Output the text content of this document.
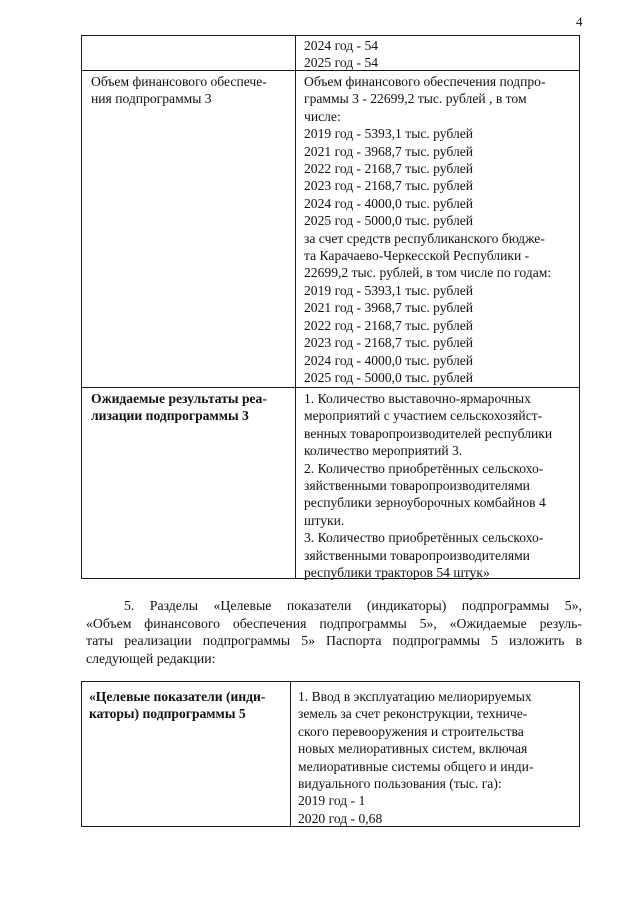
4
2024 год - 54
2025 год - 54
Объем финансового обеспече-
ния подпрограммы 3
Объем финансового обеспечения подпро-
граммы 3 - 22699,2 тыс. рублей , в том
числе:
2019 год - 5393,1 тыс. рублей
2021 год - 3968,7 тыс. рублей
2022 год - 2168,7 тыс. рублей
2023 год - 2168,7 тыс. рублей
2024 год - 4000,0 тыс. рублей
2025 год - 5000,0 тыс. рублей
за счет средств республиканского бюдже-
та Карачаево-Черкесской Республики -
22699,2 тыс. рублей, в том числе по годам:
2019 год - 5393,1 тыс. рублей
2021 год - 3968,7 тыс. рублей
2022 год - 2168,7 тыс. рублей
2023 год - 2168,7 тыс. рублей
2024 год - 4000,0 тыс. рублей
2025 год - 5000,0 тыс. рублей
Ожидаемые результаты реа-
лизации подпрограммы 3
1. Количество выставочно-ярмарочных
мероприятий с участием сельскохозяйст-
венных товаропроизводителей республики
количество мероприятий 3.
2. Количество приобретённых сельскохо-
зяйственными товаропроизводителями
республики зерноуборочных комбайнов 4
штуки.
3. Количество приобретённых сельскохо-
зяйственными товаропроизводителями
республики тракторов 54 штук»
5. Разделы «Целевые показатели (индикаторы) подпрограммы 5»,
«Объем финансового обеспечения подпрограммы 5», «Ожидаемые резуль-
таты реализации подпрограммы 5» Паспорта подпрограммы 5 изложить в
следующей редакции:
«Целевые показатели (инди-
каторы) подпрограммы 5
1. Ввод в эксплуатацию мелиорируемых
земель за счет реконструкции, техниче-
ского перевооружения и строительства
новых мелиоративных систем, включая
мелиоративные системы общего и инди-
видуального пользования (тыс. га):
2019 год - 1
2020 год - 0,68
